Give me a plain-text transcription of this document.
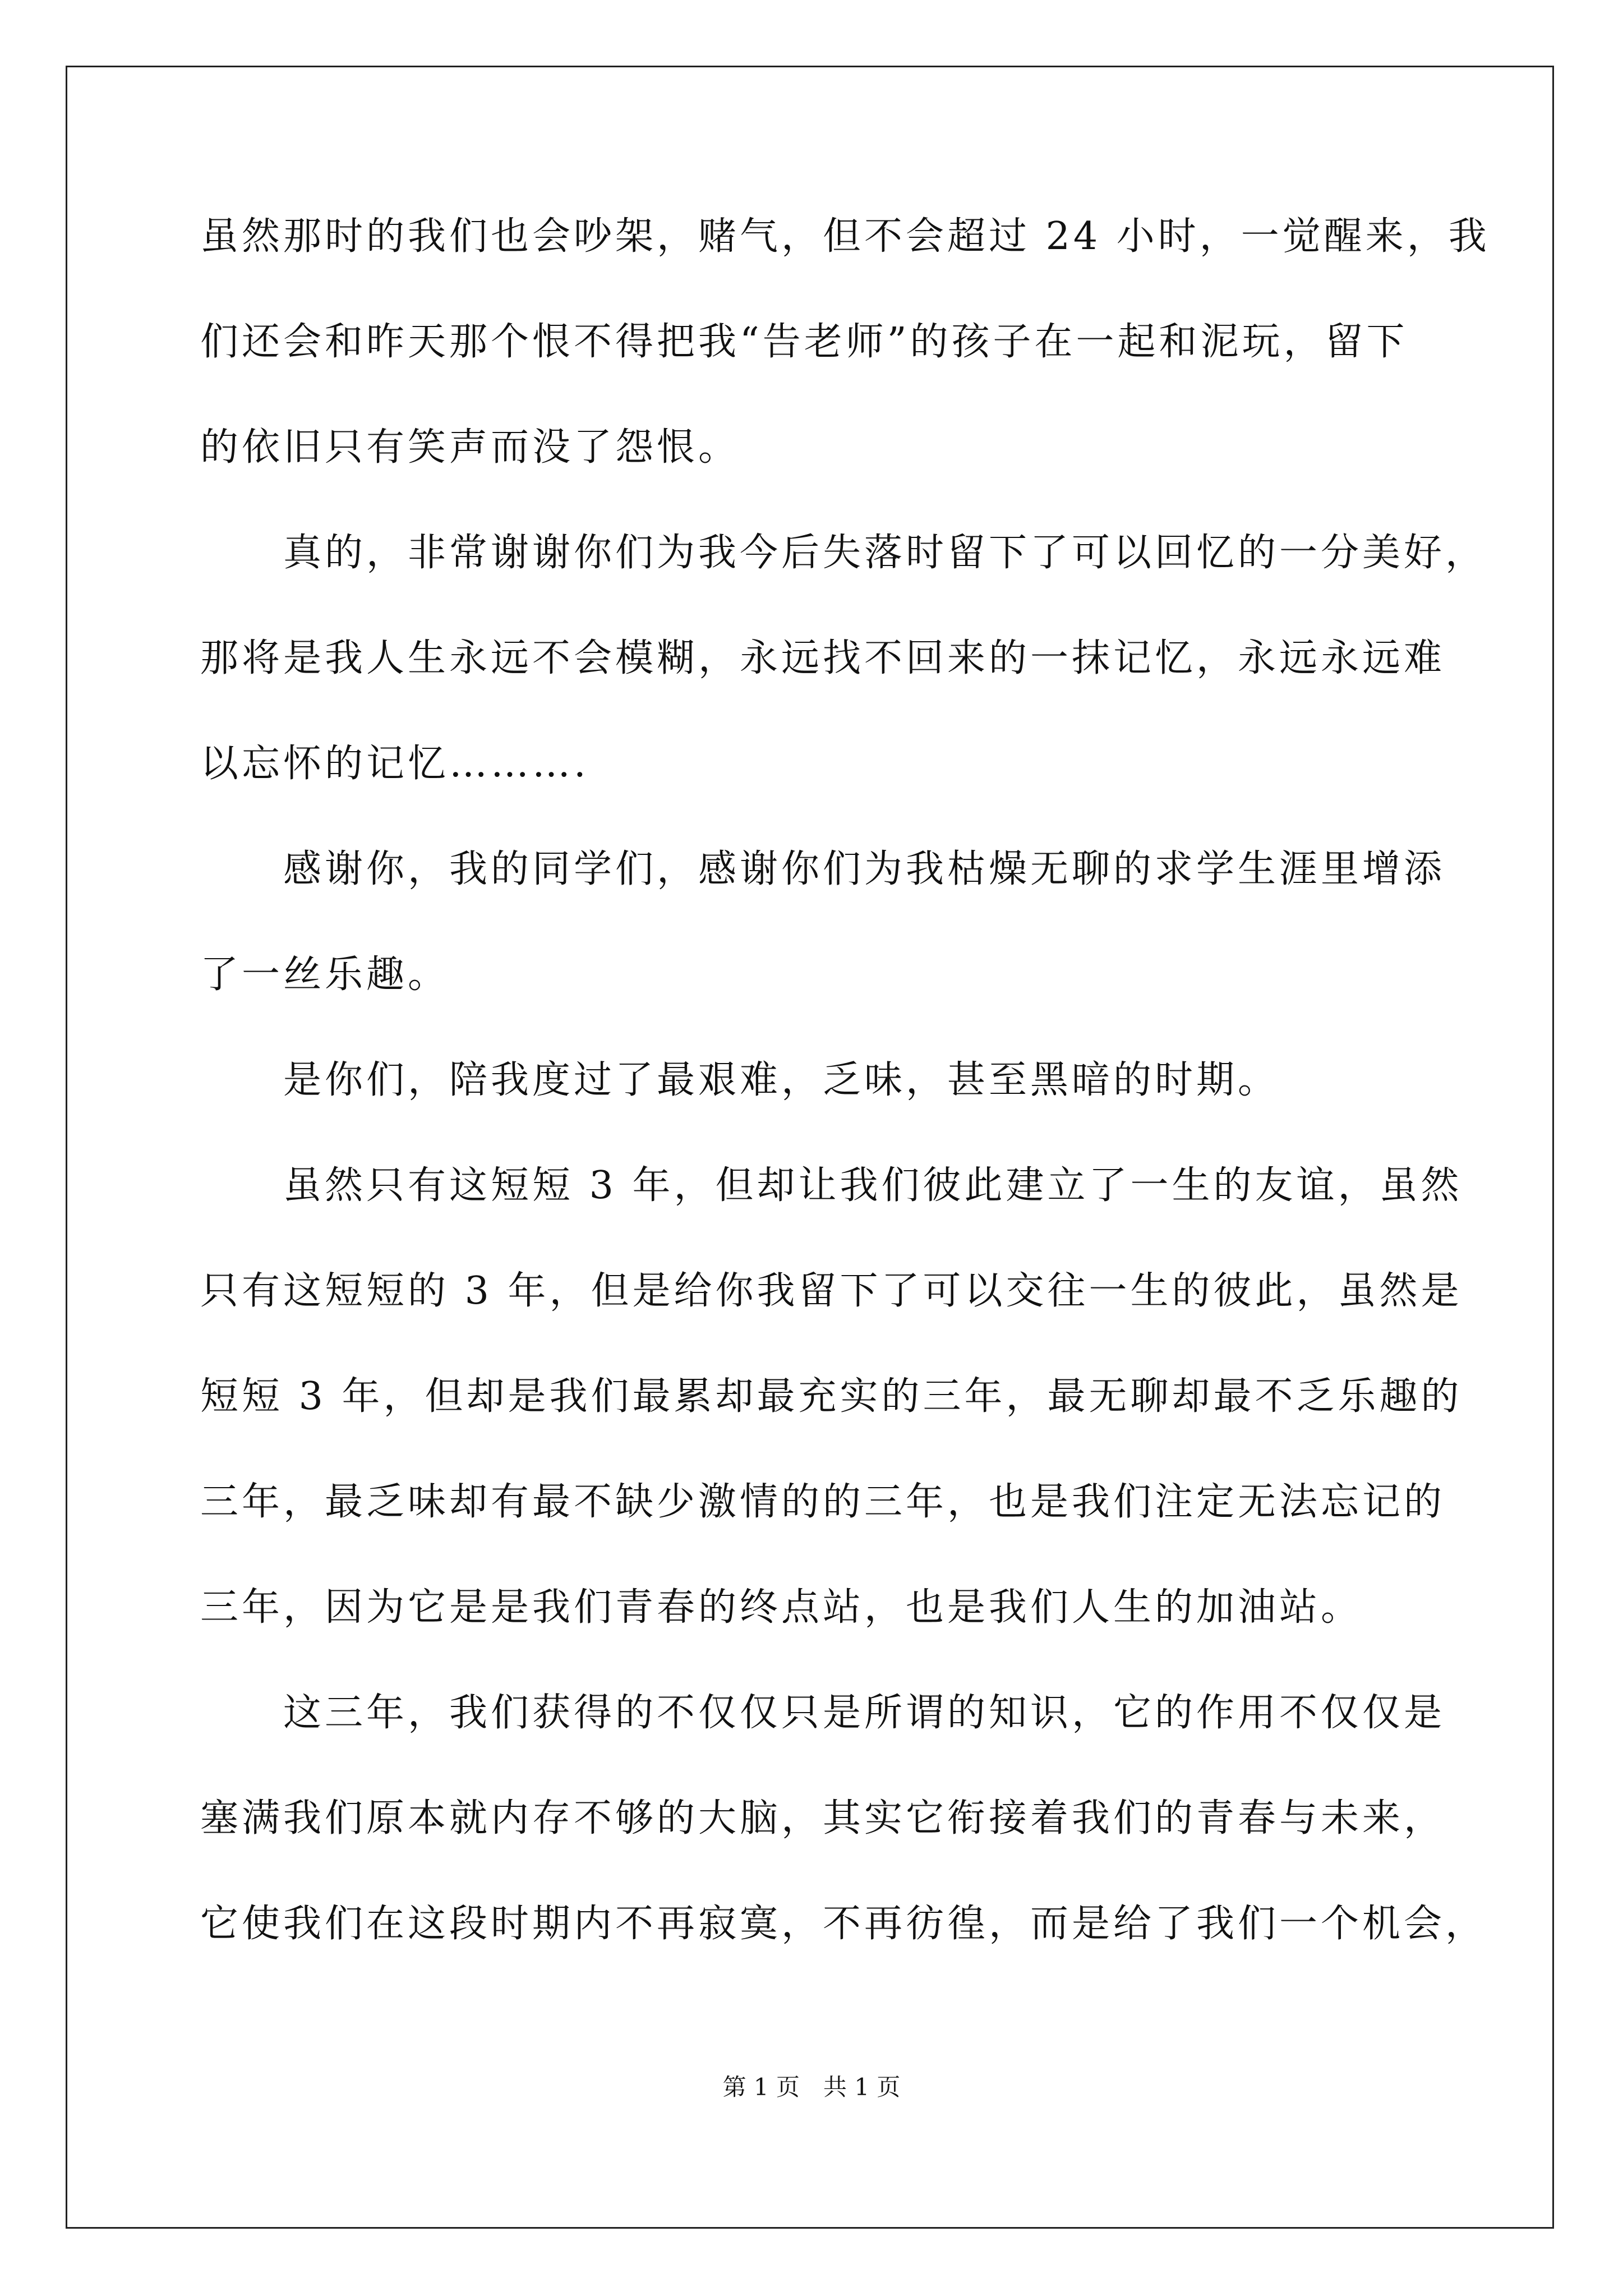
虽然那时的我们也会吵架，赌气，但不会超过 24 小时，一觉醒来，我
们还会和昨天那个恨不得把我“告老师”的孩子在一起和泥玩，留下
的依旧只有笑声而没了怨恨。
　　真的，非常谢谢你们为我今后失落时留下了可以回忆的一分美好，
那将是我人生永远不会模糊，永远找不回来的一抹记忆，永远永远难
以忘怀的记忆……….
　　感谢你，我的同学们，感谢你们为我枯燥无聊的求学生涯里增添
了一丝乐趣。
　　是你们，陪我度过了最艰难，乏味，甚至黑暗的时期。
　　虽然只有这短短 3 年，但却让我们彼此建立了一生的友谊，虽然
只有这短短的 3 年，但是给你我留下了可以交往一生的彼此，虽然是
短短 3 年，但却是我们最累却最充实的三年，最无聊却最不乏乐趣的
三年，最乏味却有最不缺少激情的的三年，也是我们注定无法忘记的
三年，因为它是是我们青春的终点站，也是我们人生的加油站。
　　这三年，我们获得的不仅仅只是所谓的知识，它的作用不仅仅是
塞满我们原本就内存不够的大脑，其实它衔接着我们的青春与未来，
它使我们在这段时期内不再寂寞，不再彷徨，而是给了我们一个机会，
第 1 页　共 1 页
